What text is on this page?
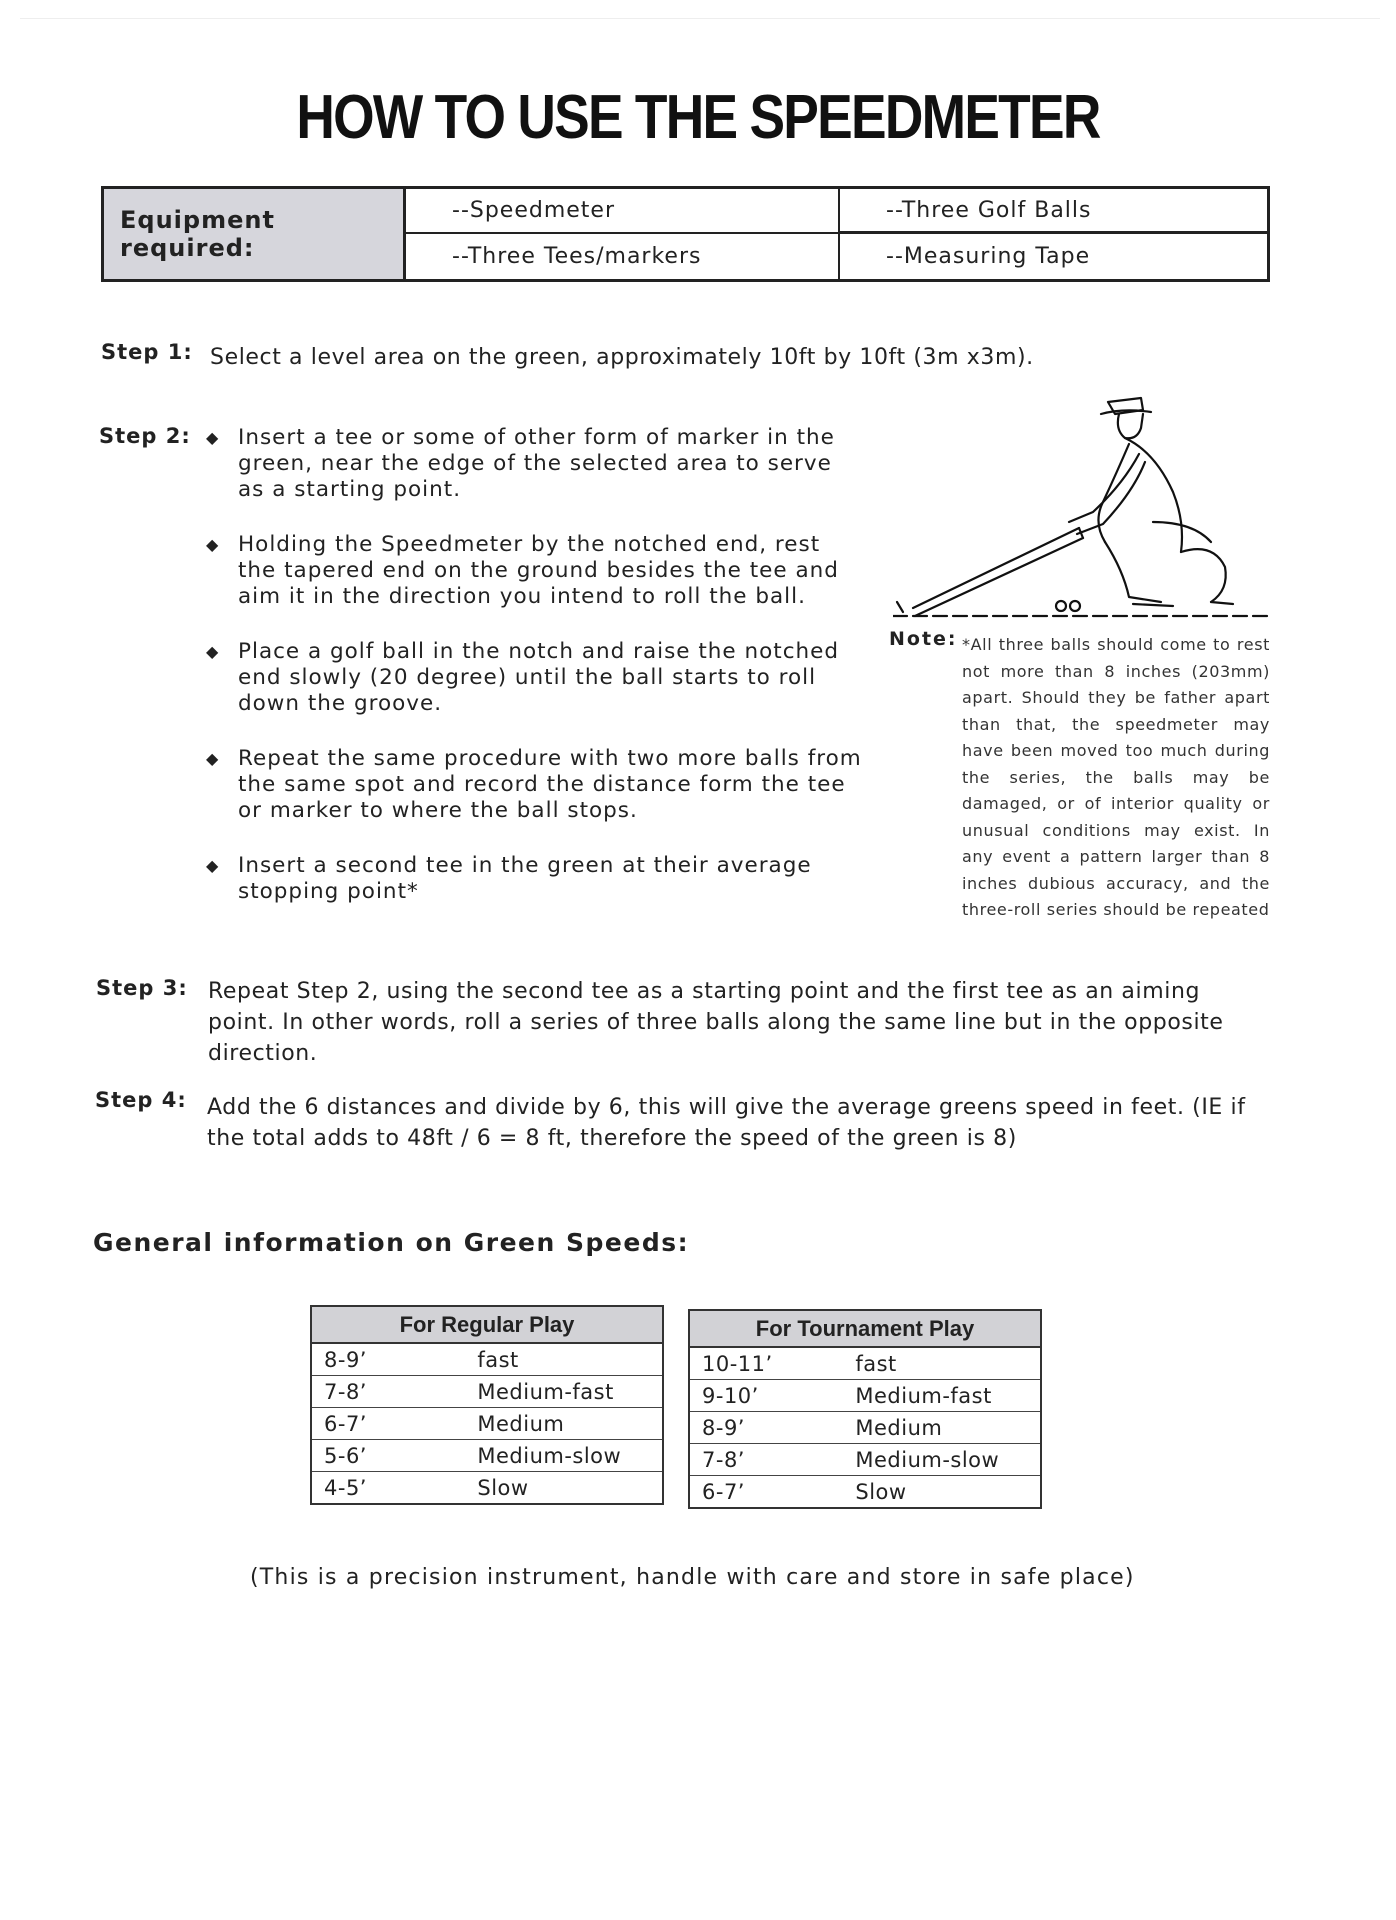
HOW TO USE THE SPEEDMETER
Equipment required:
--Speedmeter	--Three Golf Balls
--Three Tees/markers	--Measuring Tape
Step 1: Select a level area on the green, approximately 10ft by 10ft (3m x3m).
Step 2: ◆ Insert a tee or some of other form of marker in the green, near the edge of the selected area to serve as a starting point.
◆ Holding the Speedmeter by the notched end, rest the tapered end on the ground besides the tee and aim it in the direction you intend to roll the ball.
◆ Place a golf ball in the notch and raise the notched end slowly (20 degree) until the ball starts to roll down the groove.
◆ Repeat the same procedure with two more balls from the same spot and record the distance form the tee or marker to where the ball stops.
◆ Insert a second tee in the green at their average stopping point*
Note: *All three balls should come to rest not more than 8 inches (203mm) apart. Should they be father apart than that, the speedmeter may have been moved too much during the series, the balls may be damaged, or of interior quality or unusual conditions may exist. In any event a pattern larger than 8 inches dubious accuracy, and the three-roll series should be repeated
Step 3: Repeat Step 2, using the second tee as a starting point and the first tee as an aiming point. In other words, roll a series of three balls along the same line but in the opposite direction.
Step 4: Add the 6 distances and divide by 6, this will give the average greens speed in feet. (IE if the total adds to 48ft / 6 = 8 ft, therefore the speed of the green is 8)
General information on Green Speeds:
For Regular Play	
8-9’	fast
7-8’	Medium-fast
6-7’	Medium
5-6’	Medium-slow
4-5’	Slow
For Tournament Play	
10-11’	fast
9-10’	Medium-fast
8-9’	Medium
7-8’	Medium-slow
6-7’	Slow
(This is a precision instrument, handle with care and store in safe place)
